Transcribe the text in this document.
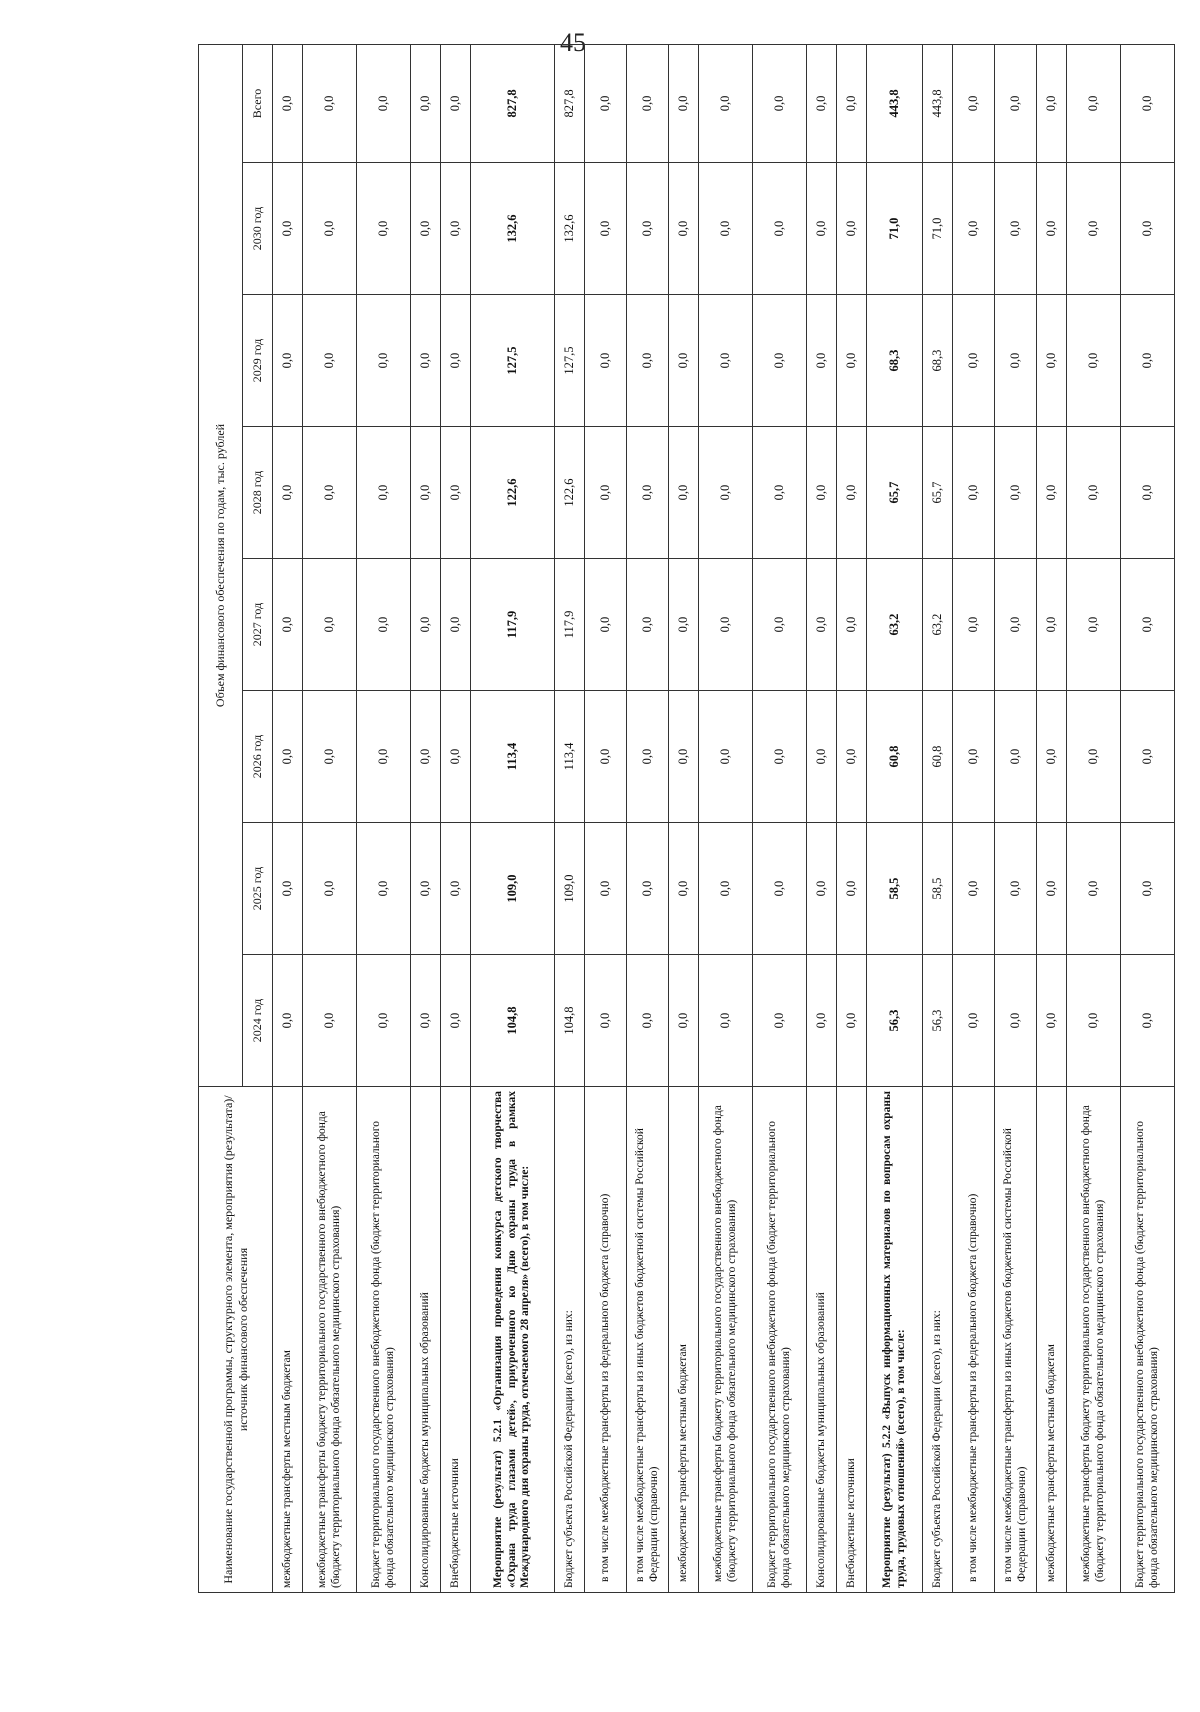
45
Наименование государственной программы, структурного элемента, мероприятия (результата)/источник финансового обеспечения	Объем финансового обеспечения по годам, тыс. рублей							
	2024 год	2025 год	2026 год	2027 год	2028 год	2029 год	2030 год	Всего
межбюджетные трансферты местным бюджетам	0,0	0,0	0,0	0,0	0,0	0,0	0,0	0,0
межбюджетные трансферты бюджету территориального государственного внебюджетного фонда (бюджету территориального фонда обязательного медицинского страхования)	0,0	0,0	0,0	0,0	0,0	0,0	0,0	0,0
Бюджет территориального государственного внебюджетного фонда (бюджет территориального фонда обязательного медицинского страхования)	0,0	0,0	0,0	0,0	0,0	0,0	0,0	0,0
Консолидированные бюджеты муниципальных образований	0,0	0,0	0,0	0,0	0,0	0,0	0,0	0,0
Внебюджетные источники	0,0	0,0	0,0	0,0	0,0	0,0	0,0	0,0
Мероприятие (результат) 5.2.1 «Организация проведения конкурса детского творчества «Охрана труда глазами детей», приуроченного ко Дню охраны труда в рамках Международного дня охраны труда, отмечаемого 28 апреля» (всего), в том числе:	104,8	109,0	113,4	117,9	122,6	127,5	132,6	827,8
Бюджет субъекта Российской Федерации (всего), из них:	104,8	109,0	113,4	117,9	122,6	127,5	132,6	827,8
в том числе межбюджетные трансферты из федерального бюджета (справочно)	0,0	0,0	0,0	0,0	0,0	0,0	0,0	0,0
в том числе межбюджетные трансферты из иных бюджетов бюджетной системы Российской Федерации (справочно)	0,0	0,0	0,0	0,0	0,0	0,0	0,0	0,0
межбюджетные трансферты местным бюджетам	0,0	0,0	0,0	0,0	0,0	0,0	0,0	0,0
межбюджетные трансферты бюджету территориального государственного внебюджетного фонда (бюджету территориального фонда обязательного медицинского страхования)	0,0	0,0	0,0	0,0	0,0	0,0	0,0	0,0
Бюджет территориального государственного внебюджетного фонда (бюджет территориального фонда обязательного медицинского страхования)	0,0	0,0	0,0	0,0	0,0	0,0	0,0	0,0
Консолидированные бюджеты муниципальных образований	0,0	0,0	0,0	0,0	0,0	0,0	0,0	0,0
Внебюджетные источники	0,0	0,0	0,0	0,0	0,0	0,0	0,0	0,0
Мероприятие (результат) 5.2.2 «Выпуск информационных материалов по вопросам охраны труда, трудовых отношений» (всего), в том числе:	56,3	58,5	60,8	63,2	65,7	68,3	71,0	443,8
Бюджет субъекта Российской Федерации (всего), из них:	56,3	58,5	60,8	63,2	65,7	68,3	71,0	443,8
в том числе межбюджетные трансферты из федерального бюджета (справочно)	0,0	0,0	0,0	0,0	0,0	0,0	0,0	0,0
в том числе межбюджетные трансферты из иных бюджетов бюджетной системы Российской Федерации (справочно)	0,0	0,0	0,0	0,0	0,0	0,0	0,0	0,0
межбюджетные трансферты местным бюджетам	0,0	0,0	0,0	0,0	0,0	0,0	0,0	0,0
межбюджетные трансферты бюджету территориального государственного внебюджетного фонда (бюджету территориального фонда обязательного медицинского страхования)	0,0	0,0	0,0	0,0	0,0	0,0	0,0	0,0
Бюджет территориального государственного внебюджетного фонда (бюджет территориального фонда обязательного медицинского страхования)	0,0	0,0	0,0	0,0	0,0	0,0	0,0	0,0
